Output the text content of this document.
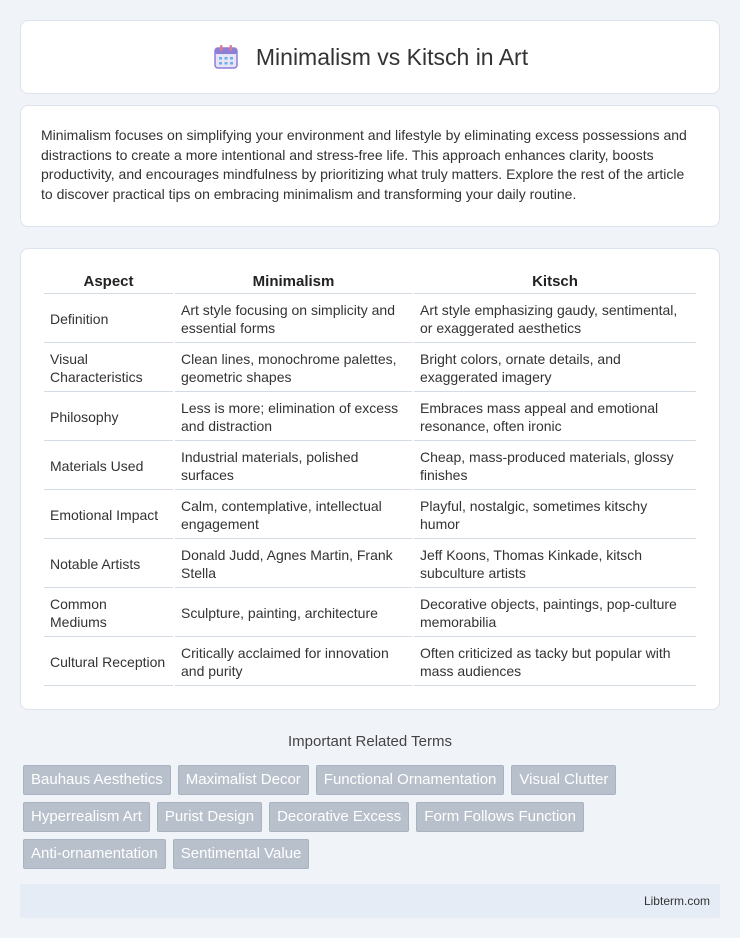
Minimalism vs Kitsch in Art

Minimalism focuses on simplifying your environment and lifestyle by eliminating excess possessions and distractions to create a more intentional and stress-free life. This approach enhances clarity, boosts productivity, and encourages mindfulness by prioritizing what truly matters. Explore the rest of the article to discover practical tips on embracing minimalism and transforming your daily routine.

Aspect	Minimalism	Kitsch
Definition	Art style focusing on simplicity and essential forms	Art style emphasizing gaudy, sentimental, or exaggerated aesthetics
Visual Characteristics	Clean lines, monochrome palettes, geometric shapes	Bright colors, ornate details, and exaggerated imagery
Philosophy	Less is more; elimination of excess and distraction	Embraces mass appeal and emotional resonance, often ironic
Materials Used	Industrial materials, polished surfaces	Cheap, mass-produced materials, glossy finishes
Emotional Impact	Calm, contemplative, intellectual engagement	Playful, nostalgic, sometimes kitschy humor
Notable Artists	Donald Judd, Agnes Martin, Frank Stella	Jeff Koons, Thomas Kinkade, kitsch subculture artists
Common Mediums	Sculpture, painting, architecture	Decorative objects, paintings, pop-culture memorabilia
Cultural Reception	Critically acclaimed for innovation and purity	Often criticized as tacky but popular with mass audiences
Important Related Terms
Bauhaus Aesthetics	Maximalist Decor	Functional Ornamentation	Visual Clutter
Hyperrealism Art	Purist Design	Decorative Excess	Form Follows Function
Anti-ornamentation	Sentimental Value
Libterm.com
